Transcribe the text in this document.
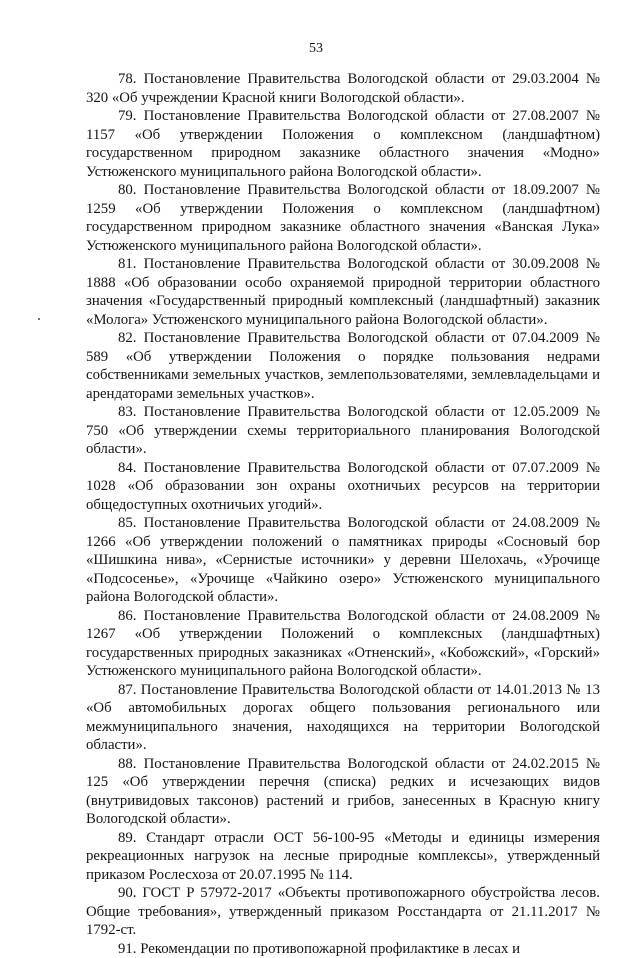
53

78. Постановление Правительства Вологодской области от 29.03.2004 № 320 «Об учреждении Красной книги Вологодской области».

79. Постановление Правительства Вологодской области от 27.08.2007 № 1157 «Об утверждении Положения о комплексном (ландшафтном) государственном природном заказнике областного значения «Модно» Устюженского муниципального района Вологодской области».

80. Постановление Правительства Вологодской области от 18.09.2007 № 1259 «Об утверждении Положения о комплексном (ландшафтном) государственном природном заказнике областного значения «Ванская Лука» Устюженского муниципального района Вологодской области».

81. Постановление Правительства Вологодской области от 30.09.2008 № 1888 «Об образовании особо охраняемой природной территории областного значения «Государственный природный комплексный (ландшафтный) заказник «Молога» Устюженского муниципального района Вологодской области».

82. Постановление Правительства Вологодской области от 07.04.2009 № 589 «Об утверждении Положения о порядке пользования недрами собственниками земельных участков, землепользователями, землевладельцами и арендаторами земельных участков».

83. Постановление Правительства Вологодской области от 12.05.2009 № 750 «Об утверждении схемы территориального планирования Вологодской области».

84. Постановление Правительства Вологодской области от 07.07.2009 № 1028 «Об образовании зон охраны охотничьих ресурсов на территории общедоступных охотничьих угодий».

85. Постановление Правительства Вологодской области от 24.08.2009 № 1266 «Об утверждении положений о памятниках природы «Сосновый бор «Шишкина нива», «Сернистые источники» у деревни Шелохачь, «Урочище «Подсосенье», «Урочище «Чайкино озеро» Устюженского муниципального района Вологодской области».

86. Постановление Правительства Вологодской области от 24.08.2009 № 1267 «Об утверждении Положений о комплексных (ландшафтных) государственных природных заказниках «Отненский», «Кобожский», «Горский» Устюженского муниципального района Вологодской области».

87. Постановление Правительства Вологодской области от 14.01.2013 № 13 «Об автомобильных дорогах общего пользования регионального или межмуниципального значения, находящихся на территории Вологодской области».

88. Постановление Правительства Вологодской области от 24.02.2015 № 125 «Об утверждении перечня (списка) редких и исчезающих видов (внутривидовых таксонов) растений и грибов, занесенных в Красную книгу Вологодской области».

89. Стандарт отрасли ОСТ 56-100-95 «Методы и единицы измерения рекреационных нагрузок на лесные природные комплексы», утвержденный приказом Рослесхоза от 20.07.1995 № 114.

90. ГОСТ Р 57972-2017 «Объекты противопожарного обустройства лесов. Общие требования», утвержденный приказом Росстандарта от 21.11.2017 № 1792-ст.

91. Рекомендации по противопожарной профилактике в лесах и
